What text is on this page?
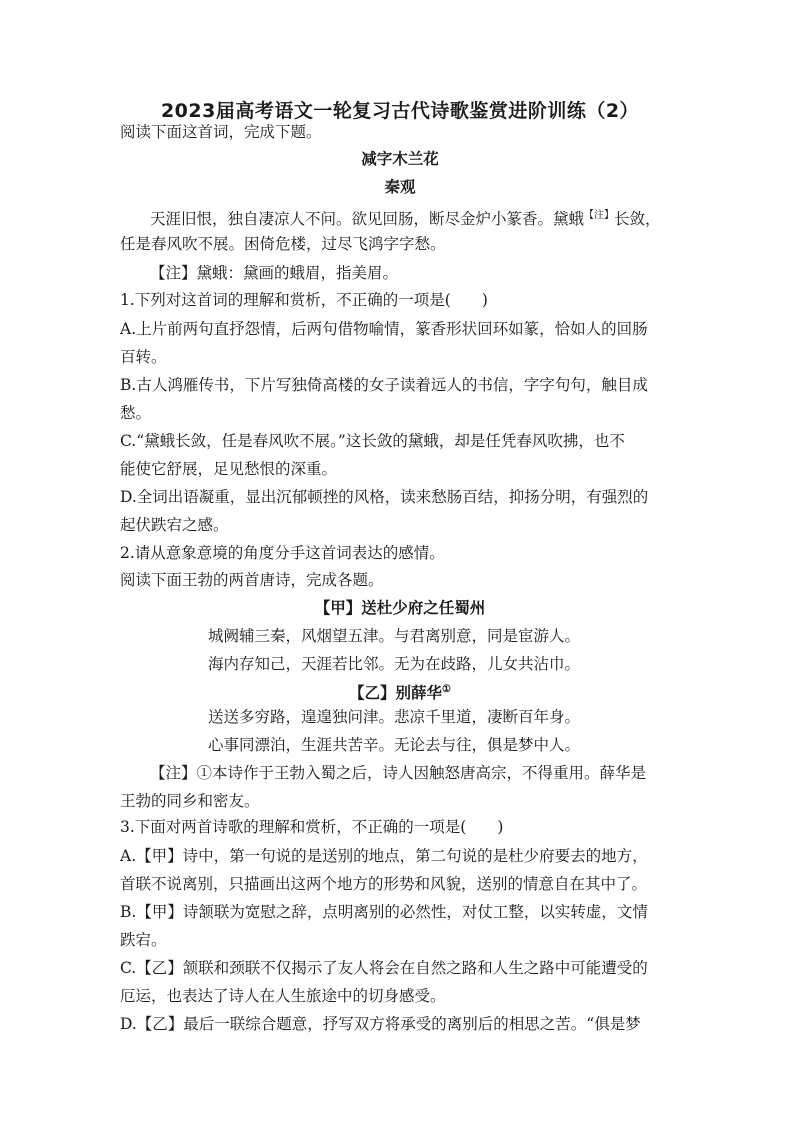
2023届高考语文一轮复习古代诗歌鉴赏进阶训练（2）
阅读下面这首词，完成下题。
减字木兰花
秦观
天涯旧恨，独自凄凉人不问。欲见回肠，断尽金炉小篆香。黛蛾$^{【注】}$长敛，
任是春风吹不展。困倚危楼，过尽飞鸿字字愁。
【注】黛蛾：黛画的蛾眉，指美眉。
1.下列对这首词的理解和赏析，不正确的一项是(　　)
A.上片前两句直抒怨情，后两句借物喻情，篆香形状回环如篆，恰如人的回肠
百转。
B.古人鸿雁传书，下片写独倚高楼的女子读着远人的书信，字字句句，触目成
愁。
C.“黛蛾长敛，任是春风吹不展。”这长敛的黛蛾，却是任凭春风吹拂，也不
能使它舒展，足见愁恨的深重。
D.全词出语凝重，显出沉郁顿挫的风格，读来愁肠百结，抑扬分明，有强烈的
起伏跌宕之感。
2.请从意象意境的角度分手这首词表达的感情。
阅读下面王勃的两首唐诗，完成各题。
【甲】送杜少府之任蜀州
城阙辅三秦，风烟望五津。与君离别意，同是宦游人。
海内存知己，天涯若比邻。无为在歧路，儿女共沾巾。
【乙】别薛华①
送送多穷路，遑遑独问津。悲凉千里道，凄断百年身。
心事同漂泊，生涯共苦辛。无论去与往，俱是梦中人。
【注】①本诗作于王勃入蜀之后，诗人因触怒唐高宗，不得重用。薛华是
王勃的同乡和密友。
3.下面对两首诗歌的理解和赏析，不正确的一项是(　　)
A.【甲】诗中，第一句说的是送别的地点，第二句说的是杜少府要去的地方，
首联不说离别，只描画出这两个地方的形势和风貌，送别的情意自在其中了。
B.【甲】诗颔联为宽慰之辞，点明离别的必然性，对仗工整，以实转虚，文情
跌宕。
C.【乙】颔联和颈联不仅揭示了友人将会在自然之路和人生之路中可能遭受的
厄运，也表达了诗人在人生旅途中的切身感受。
D.【乙】最后一联综合题意，抒写双方将承受的离别后的相思之苦。“俱是梦
